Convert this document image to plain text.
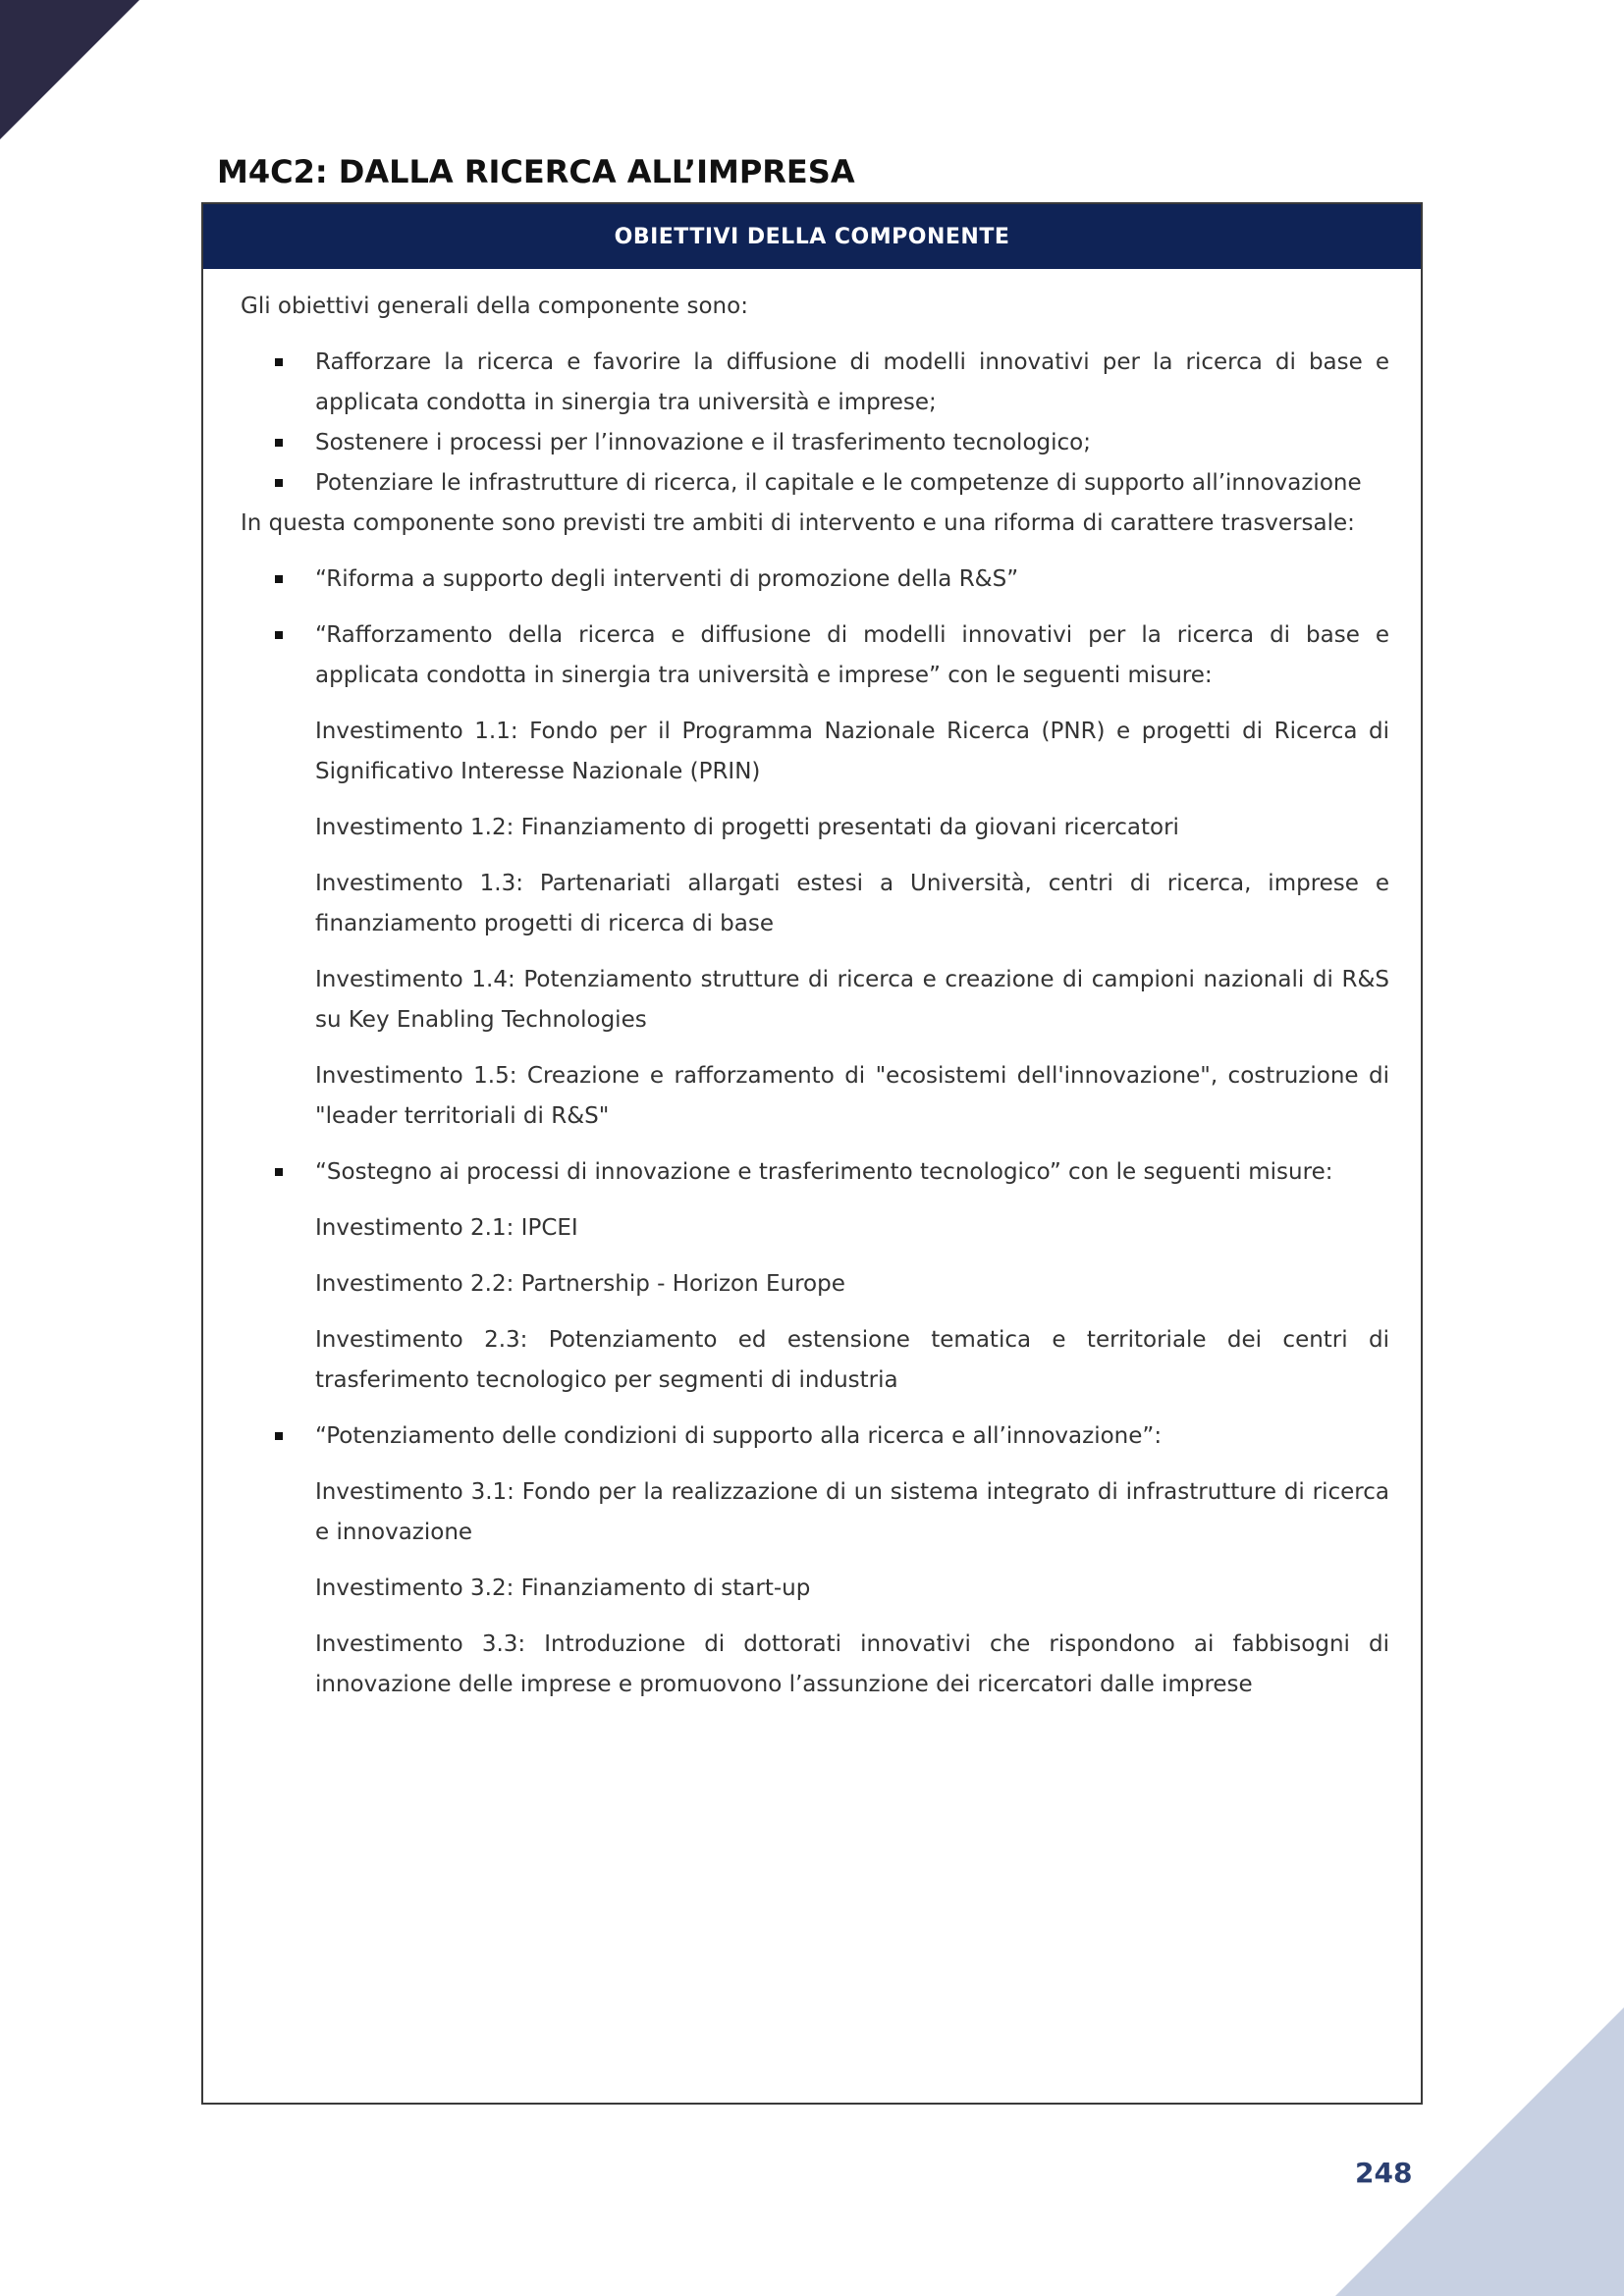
M4C2: DALLA RICERCA ALL’IMPRESA
OBIETTIVI DELLA COMPONENTE

Gli obiettivi generali della componente sono:

Rafforzare la ricerca e favorire la diffusione di modelli innovativi per la ricerca di base e applicata condotta in sinergia tra università e imprese;
Sostenere i processi per l’innovazione e il trasferimento tecnologico;
Potenziare le infrastrutture di ricerca, il capitale e le competenze di supporto all’innovazione

In questa componente sono previsti tre ambiti di intervento e una riforma di carattere trasversale:

“Riforma a supporto degli interventi di promozione della R&S”
“Rafforzamento della ricerca e diffusione di modelli innovativi per la ricerca di base e applicata condotta in sinergia tra università e imprese” con le seguenti misure:

Investimento 1.1: Fondo per il Programma Nazionale Ricerca (PNR) e progetti di Ricerca di Significativo Interesse Nazionale (PRIN)

Investimento 1.2: Finanziamento di progetti presentati da giovani ricercatori

Investimento 1.3: Partenariati allargati estesi a Università, centri di ricerca, imprese e finanziamento progetti di ricerca di base

Investimento 1.4: Potenziamento strutture di ricerca e creazione di campioni nazionali di R&S su Key Enabling Technologies

Investimento 1.5: Creazione e rafforzamento di "ecosistemi dell'innovazione", costruzione di "leader territoriali di R&S"

“Sostegno ai processi di innovazione e trasferimento tecnologico” con le seguenti misure:

Investimento 2.1: IPCEI

Investimento 2.2: Partnership - Horizon Europe

Investimento 2.3: Potenziamento ed estensione tematica e territoriale dei centri di trasferimento tecnologico per segmenti di industria

“Potenziamento delle condizioni di supporto alla ricerca e all’innovazione”:

Investimento 3.1: Fondo per la realizzazione di un sistema integrato di infrastrutture di ricerca e innovazione

Investimento 3.2: Finanziamento di start-up

Investimento 3.3: Introduzione di dottorati innovativi che rispondono ai fabbisogni di innovazione delle imprese e promuovono l’assunzione dei ricercatori dalle imprese

248
